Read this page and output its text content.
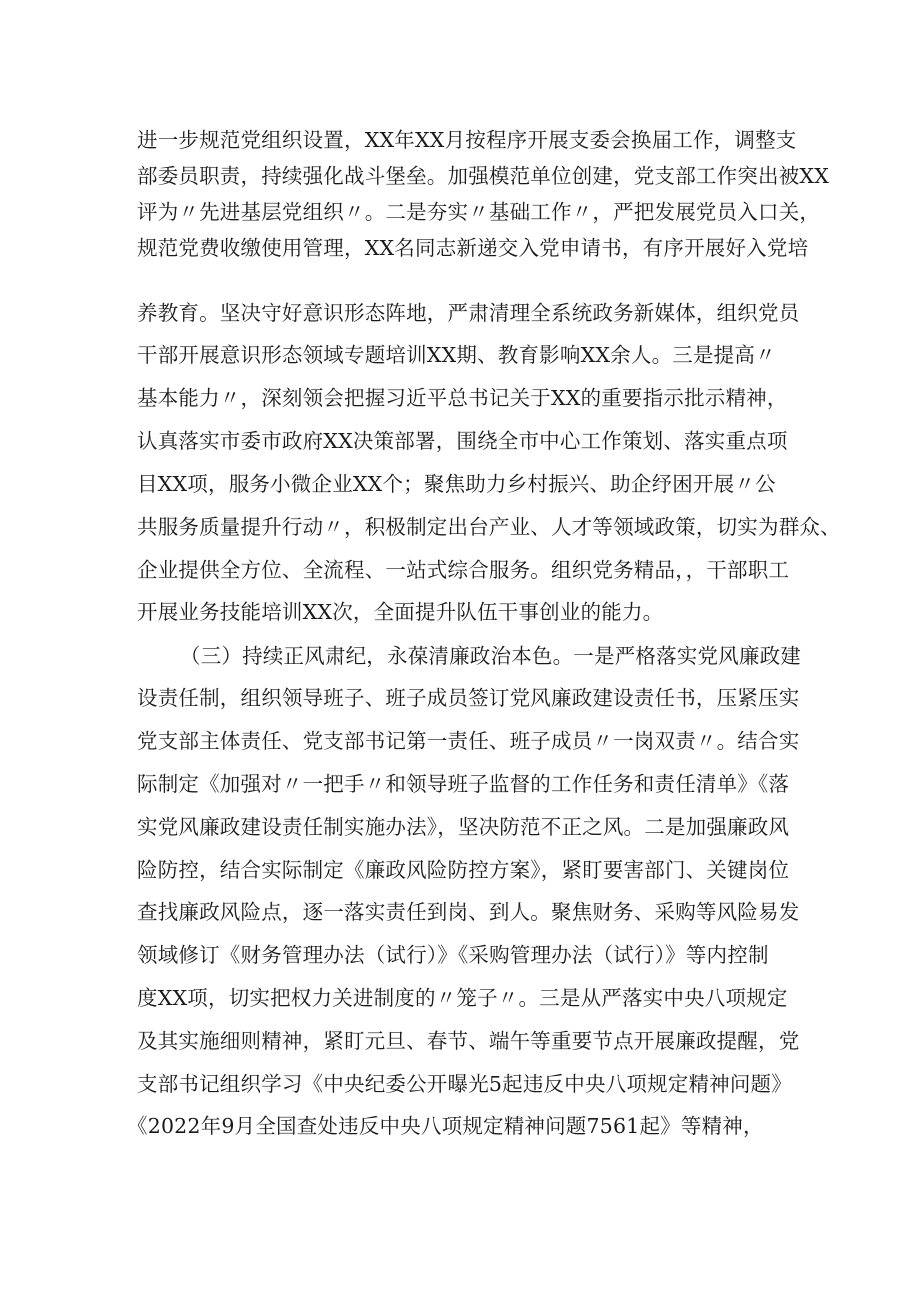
进一步规范党组织设置，XX年XX月按程序开展支委会换届工作，调整支
部委员职责，持续强化战斗堡垒。加强模范单位创建，党支部工作突出被XX
评为〃先进基层党组织〃。二是夯实〃基础工作〃，严把发展党员入口关，
规范党费收缴使用管理，XX名同志新递交入党申请书，有序开展好入党培
养教育。坚决守好意识形态阵地，严肃清理全系统政务新媒体，组织党员
干部开展意识形态领域专题培训XX期、教育影响XX余人。三是提高〃
基本能力〃，深刻领会把握习近平总书记关于XX的重要指示批示精神，
认真落实市委市政府XX决策部署，围绕全市中心工作策划、落实重点项
目XX项，服务小微企业XX个；聚焦助力乡村振兴、助企纾困开展〃公
共服务质量提升行动〃，积极制定出台产业、人才等领域政策，切实为群众、
企业提供全方位、全流程、一站式综合服务。组织党务精品，，干部职工
开展业务技能培训XX次，全面提升队伍干事创业的能力。
（三）持续正风肃纪，永葆清廉政治本色。一是严格落实党风廉政建
设责任制，组织领导班子、班子成员签订党风廉政建设责任书，压紧压实
党支部主体责任、党支部书记第一责任、班子成员〃一岗双责〃。结合实
际制定《加强对〃一把手〃和领导班子监督的工作任务和责任清单》《落
实党风廉政建设责任制实施办法》，坚决防范不正之风。二是加强廉政风
险防控，结合实际制定《廉政风险防控方案》，紧盯要害部门、关键岗位
查找廉政风险点，逐一落实责任到岗、到人。聚焦财务、采购等风险易发
领域修订《财务管理办法（试行）》《采购管理办法（试行）》等内控制
度XX项，切实把权力关进制度的〃笼子〃。三是从严落实中央八项规定
及其实施细则精神，紧盯元旦、春节、端午等重要节点开展廉政提醒，党
支部书记组织学习《中央纪委公开曝光5起违反中央八项规定精神问题》
《2022年9月全国查处违反中央八项规定精神问题7561起》等精神，
